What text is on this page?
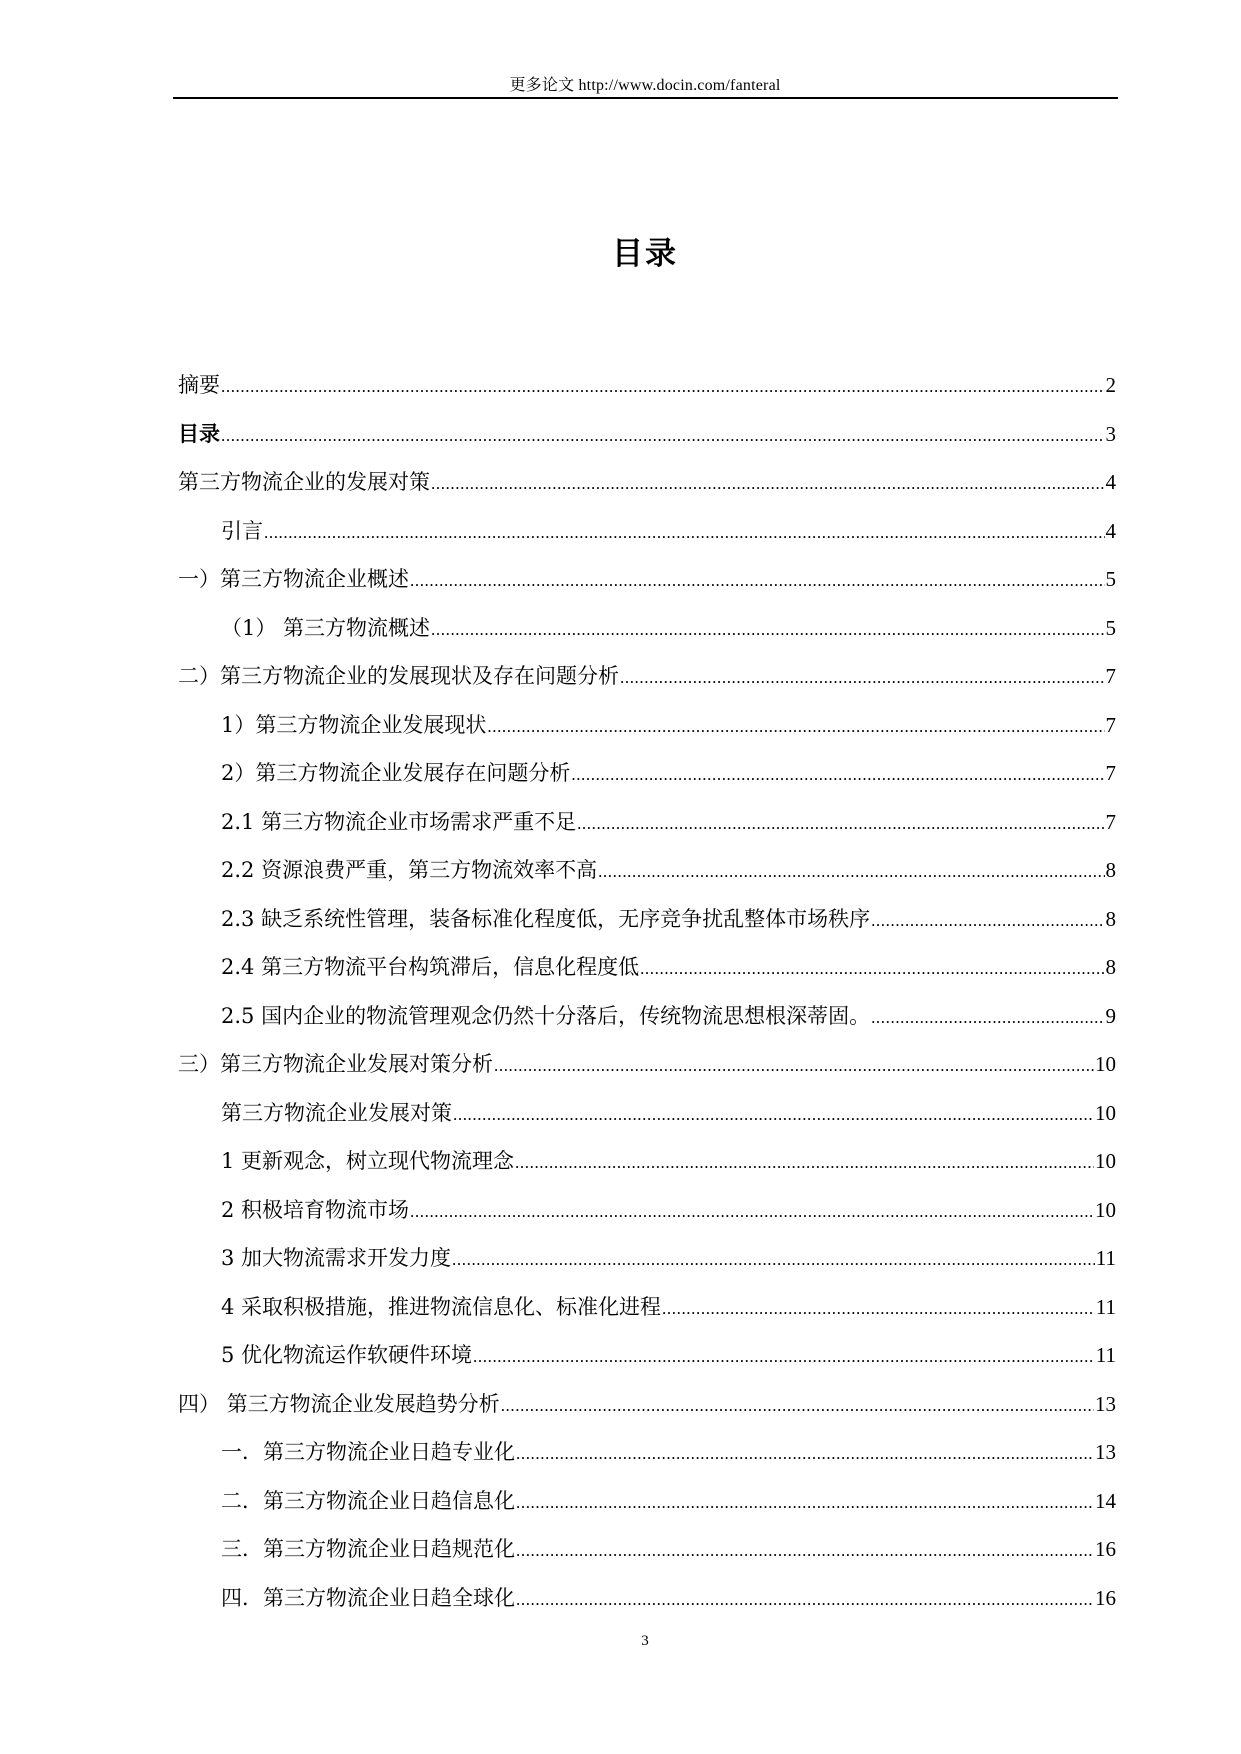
更多论文 http://www.docin.com/fanteral
目录
摘要 .....	2
目录 .....	3
第三方物流企业的发展对策 .....	4
引言 .....	4
一）第三方物流企业概述 .....	5
（1） 第三方物流概述 .....	5
二）第三方物流企业的发展现状及存在问题分析 .....	7
1）第三方物流企业发展现状 .....	7
2）第三方物流企业发展存在问题分析 .....	7
2.1 第三方物流企业市场需求严重不足 .....	7
2.2 资源浪费严重，第三方物流效率不高 .....	8
2.3 缺乏系统性管理，装备标准化程度低，无序竞争扰乱整体市场秩序 .....	8
2.4 第三方物流平台构筑滞后，信息化程度低 .....	8
2.5 国内企业的物流管理观念仍然十分落后，传统物流思想根深蒂固。 .....	9
三）第三方物流企业发展对策分析 .....	10
第三方物流企业发展对策 .....	10
1 更新观念，树立现代物流理念 .....	10
2 积极培育物流市场 .....	10
3 加大物流需求开发力度 .....	11
4 采取积极措施，推进物流信息化、标准化进程 .....	11
5 优化物流运作软硬件环境 .....	11
四） 第三方物流企业发展趋势分析 .....	13
一．第三方物流企业日趋专业化 .....	13
二．第三方物流企业日趋信息化 .....	14
三．第三方物流企业日趋规范化 .....	16
四．第三方物流企业日趋全球化 .....	16
3
